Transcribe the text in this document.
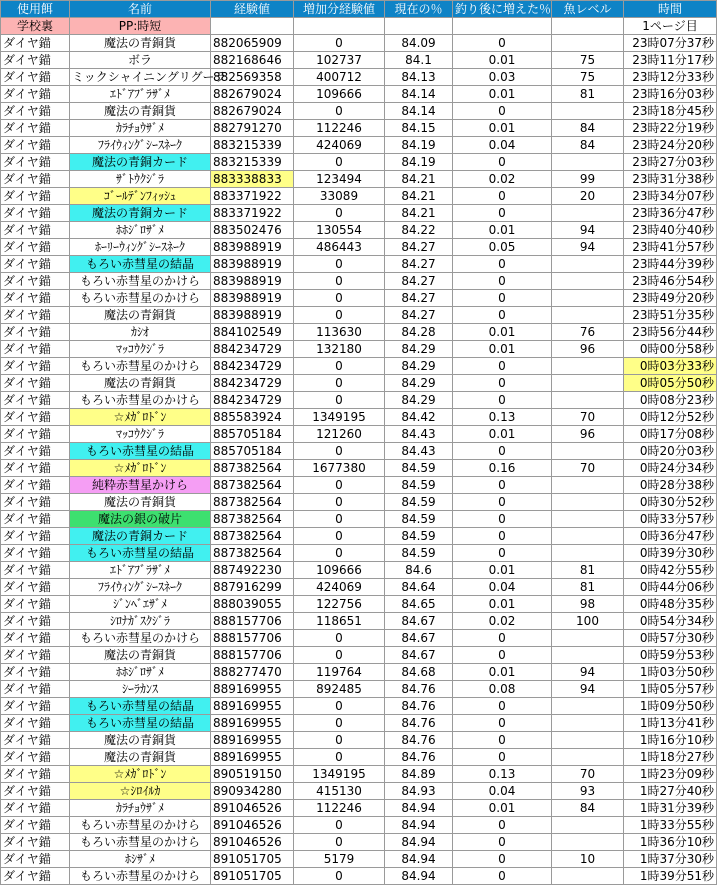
使用餌	名前	経験値	増加分経験値	現在の％	釣り後に増えた％	魚レベル	時間
学校裏	PP:時短						1ページ目
ダイヤ錨	魔法の青銅貨	882065909	0	84.09	0		23時07分37秒
ダイヤ錨	ボラ	882168646	102737	84.1	0.01	75	23時11分17秒
ダイヤ錨	ミックシャイニングリグーラ	882569358	400712	84.13	0.03	75	23時12分33秒
ダイヤ錨	ｴﾄﾞｱﾌﾞﾗｻﾞﾒ	882679024	109666	84.14	0.01	81	23時16分03秒
ダイヤ錨	魔法の青銅貨	882679024	0	84.14	0		23時18分45秒
ダイヤ錨	ｶﾗﾁｮｳｻﾞﾒ	882791270	112246	84.15	0.01	84	23時22分19秒
ダイヤ錨	ﾌﾗｲｳｨﾝｸﾞｼｰｽﾈｰｸ	883215339	424069	84.19	0.04	84	23時24分20秒
ダイヤ錨	魔法の青銅カード	883215339	0	84.19	0		23時27分03秒
ダイヤ錨	ｻﾞﾄｳｸｼﾞﾗ	883338833	123494	84.21	0.02	99	23時31分38秒
ダイヤ錨	ｺﾞｰﾙﾃﾞﾝﾌｨｯｼｭ	883371922	33089	84.21	0	20	23時34分07秒
ダイヤ錨	魔法の青銅カード	883371922	0	84.21	0		23時36分47秒
ダイヤ錨	ﾎﾎｼﾞﾛｻﾞﾒ	883502476	130554	84.22	0.01	94	23時40分40秒
ダイヤ錨	ﾎｰﾘｰｳｨﾝｸﾞｼｰｽﾈｰｸ	883988919	486443	84.27	0.05	94	23時41分57秒
ダイヤ錨	もろい赤彗星の結晶	883988919	0	84.27	0		23時44分39秒
ダイヤ錨	もろい赤彗星のかけら	883988919	0	84.27	0		23時46分54秒
ダイヤ錨	もろい赤彗星のかけら	883988919	0	84.27	0		23時49分20秒
ダイヤ錨	魔法の青銅貨	883988919	0	84.27	0		23時51分35秒
ダイヤ錨	ｶｼｵ	884102549	113630	84.28	0.01	76	23時56分44秒
ダイヤ錨	ﾏｯｺｳｸｼﾞﾗ	884234729	132180	84.29	0.01	96	0時00分58秒
ダイヤ錨	もろい赤彗星のかけら	884234729	0	84.29	0		0時03分33秒
ダイヤ錨	魔法の青銅貨	884234729	0	84.29	0		0時05分50秒
ダイヤ錨	もろい赤彗星のかけら	884234729	0	84.29	0		0時08分23秒
ダイヤ錨	☆ﾒｶﾞﾛﾄﾞﾝ	885583924	1349195	84.42	0.13	70	0時12分52秒
ダイヤ錨	ﾏｯｺｳｸｼﾞﾗ	885705184	121260	84.43	0.01	96	0時17分08秒
ダイヤ錨	もろい赤彗星の結晶	885705184	0	84.43	0		0時20分03秒
ダイヤ錨	☆ﾒｶﾞﾛﾄﾞﾝ	887382564	1677380	84.59	0.16	70	0時24分34秒
ダイヤ錨	純粋赤彗星かけら	887382564	0	84.59	0		0時28分38秒
ダイヤ錨	魔法の青銅貨	887382564	0	84.59	0		0時30分52秒
ダイヤ錨	魔法の銀の破片	887382564	0	84.59	0		0時33分57秒
ダイヤ錨	魔法の青銅カード	887382564	0	84.59	0		0時36分47秒
ダイヤ錨	もろい赤彗星の結晶	887382564	0	84.59	0		0時39分30秒
ダイヤ錨	ｴﾄﾞｱﾌﾞﾗｻﾞﾒ	887492230	109666	84.6	0.01	81	0時42分55秒
ダイヤ錨	ﾌﾗｲｳｨﾝｸﾞｼｰｽﾈｰｸ	887916299	424069	84.64	0.04	81	0時44分06秒
ダイヤ錨	ｼﾞﾝﾍﾞｴｻﾞﾒ	888039055	122756	84.65	0.01	98	0時48分35秒
ダイヤ錨	ｼﾛﾅｶﾞｽｸｼﾞﾗ	888157706	118651	84.67	0.02	100	0時54分34秒
ダイヤ錨	もろい赤彗星のかけら	888157706	0	84.67	0		0時57分30秒
ダイヤ錨	魔法の青銅貨	888157706	0	84.67	0		0時59分53秒
ダイヤ錨	ﾎﾎｼﾞﾛｻﾞﾒ	888277470	119764	84.68	0.01	94	1時03分50秒
ダイヤ錨	ｼｰﾗｶﾝｽ	889169955	892485	84.76	0.08	94	1時05分57秒
ダイヤ錨	もろい赤彗星の結晶	889169955	0	84.76	0		1時09分50秒
ダイヤ錨	もろい赤彗星の結晶	889169955	0	84.76	0		1時13分41秒
ダイヤ錨	魔法の青銅貨	889169955	0	84.76	0		1時16分10秒
ダイヤ錨	魔法の青銅貨	889169955	0	84.76	0		1時18分27秒
ダイヤ錨	☆ﾒｶﾞﾛﾄﾞﾝ	890519150	1349195	84.89	0.13	70	1時23分09秒
ダイヤ錨	☆ｼﾛｲﾙｶ	890934280	415130	84.93	0.04	93	1時27分40秒
ダイヤ錨	ｶﾗﾁｮｳｻﾞﾒ	891046526	112246	84.94	0.01	84	1時31分39秒
ダイヤ錨	もろい赤彗星のかけら	891046526	0	84.94	0		1時33分55秒
ダイヤ錨	もろい赤彗星のかけら	891046526	0	84.94	0		1時36分10秒
ダイヤ錨	ﾎｼｻﾞﾒ	891051705	5179	84.94	0	10	1時37分30秒
ダイヤ錨	もろい赤彗星のかけら	891051705	0	84.94	0		1時39分51秒
